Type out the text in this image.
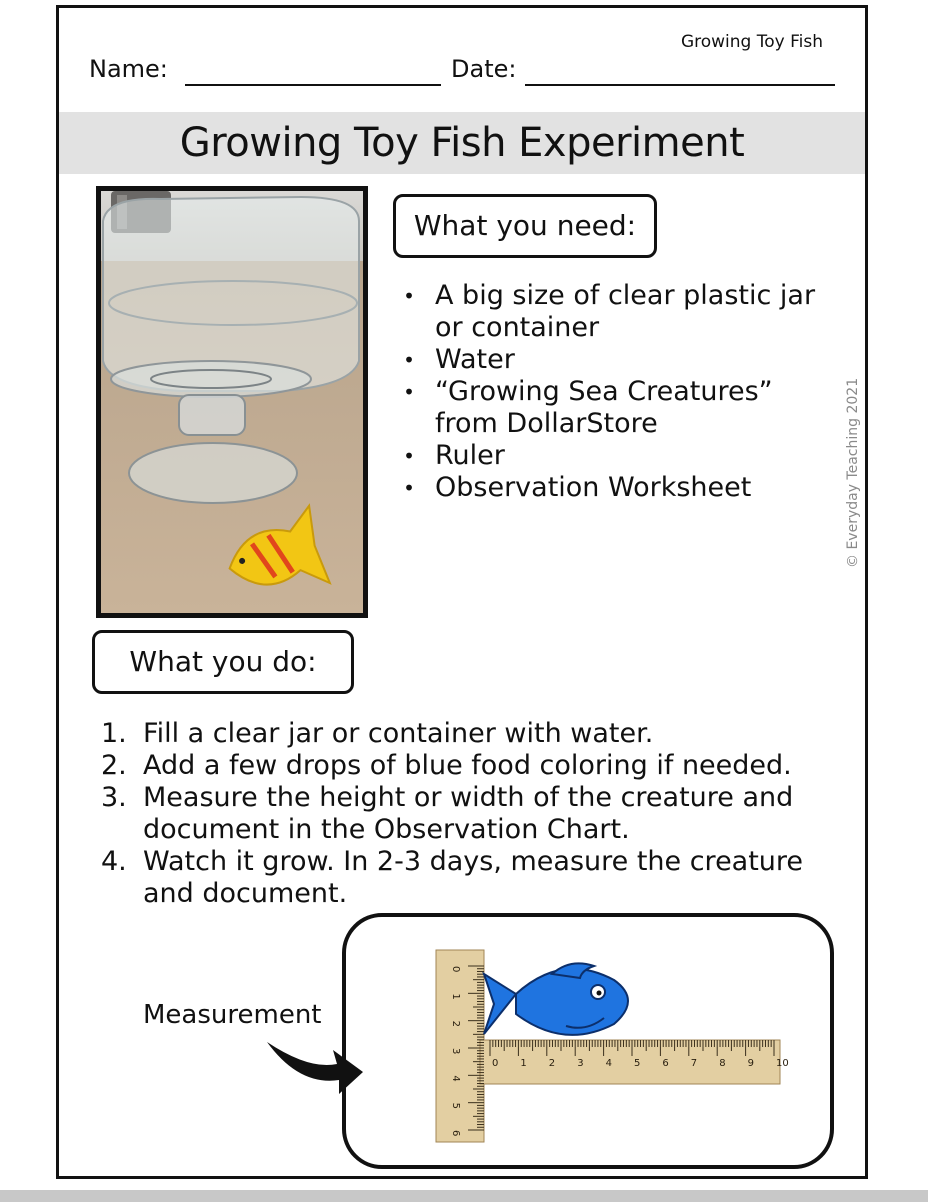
Growing Toy Fish
Name:	Date:
Growing Toy Fish Experiment
What you need:
• A big size of clear plastic jar or container
• Water
• “Growing Sea Creatures” from DollarStore
• Ruler
• Observation Worksheet	© Everyday Teaching 2021
What you do:
1. Fill a clear jar or container with water.
2. Add a few drops of blue food coloring if needed.
3. Measure the height or width of the creature and document in the Observation Chart.
4. Watch it grow. In 2-3 days, measure the creature and document.
Measurement
0
1
2
3
4
5
6
0 1 2 3 4 5 6 7 8 9 10
